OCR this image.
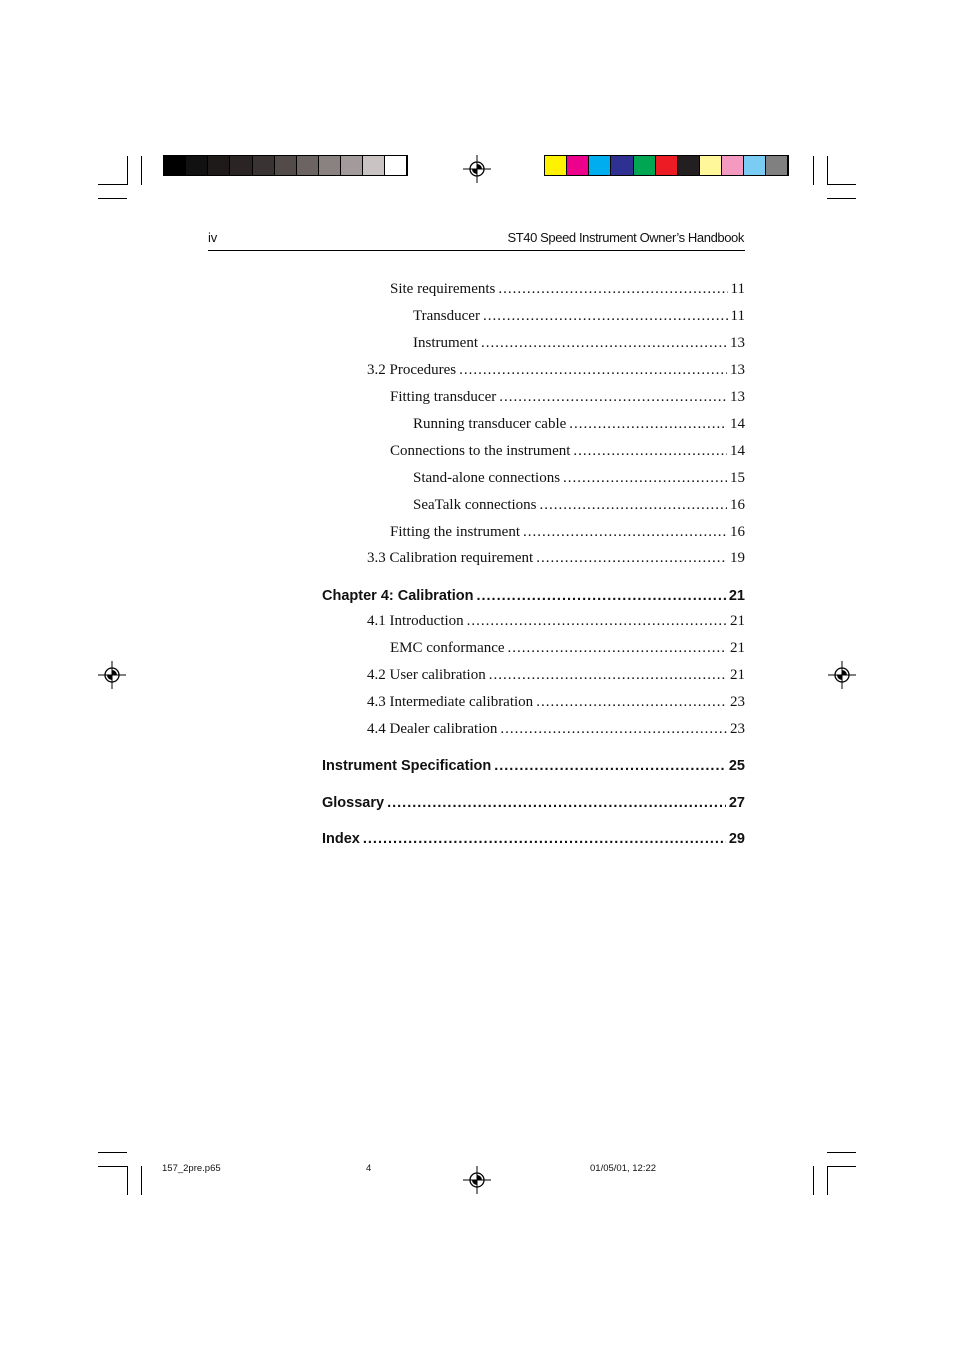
iv	ST40 Speed Instrument Owner’s Handbook
Site requirements .....	11
Transducer .....	11
Instrument .....	13
3.2 Procedures .....	13
Fitting transducer .....	13
Running transducer cable .....	14
Connections to the instrument .....	14
Stand-alone connections .....	15
SeaTalk connections .....	16
Fitting the instrument .....	16
3.3 Calibration requirement .....	19
Chapter 4: Calibration .....	21
4.1 Introduction .....	21
EMC conformance .....	21
4.2 User calibration .....	21
4.3 Intermediate calibration .....	23
4.4 Dealer calibration .....	23
Instrument Specification .....	25
Glossary .....	27
Index .....	29
157_2pre.p65	4	01/05/01, 12:22
